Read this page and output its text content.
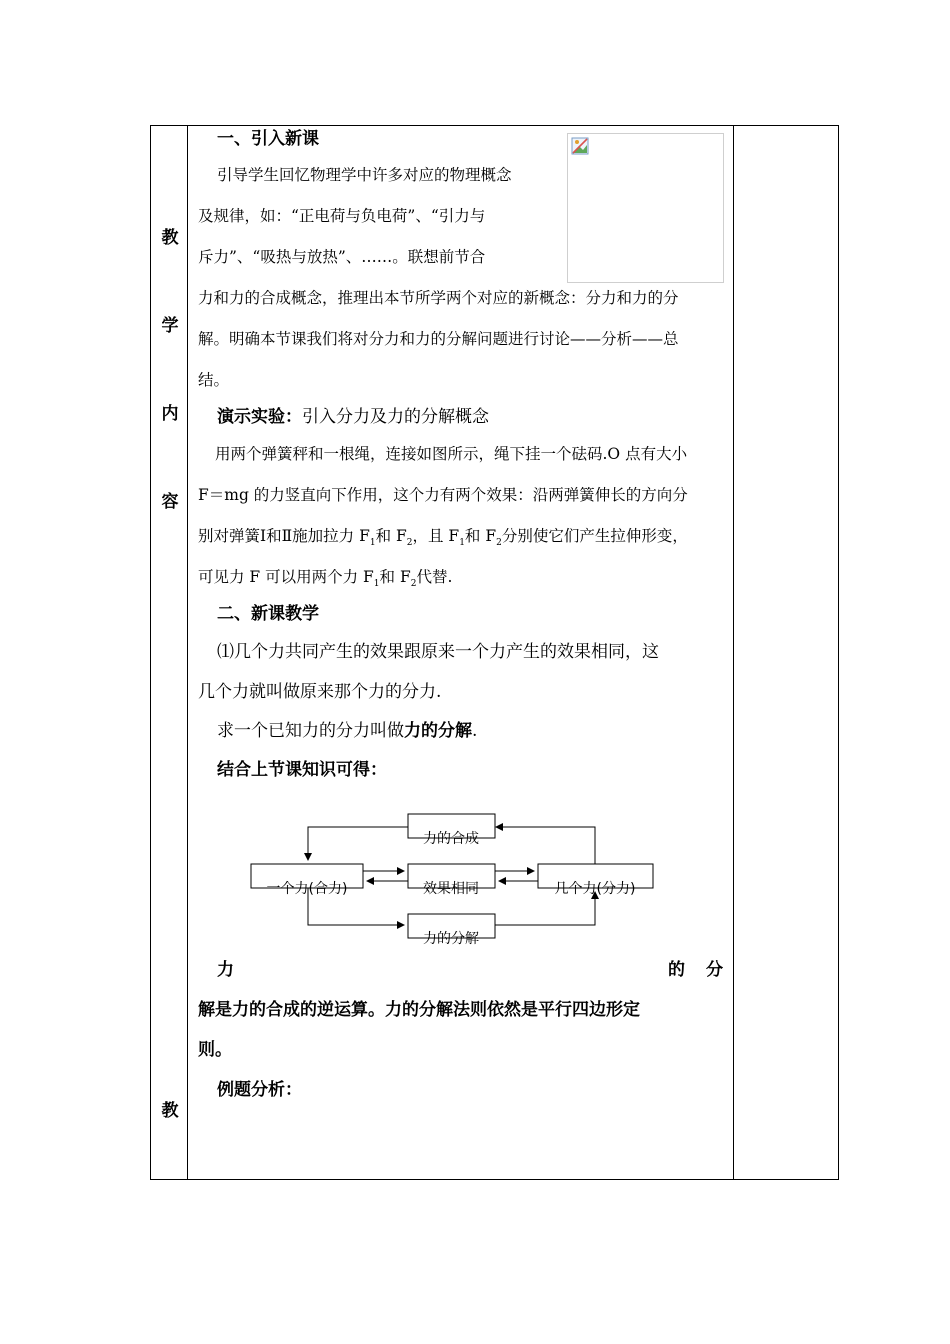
教
学
内
容
教
一、引入新课
引导学生回忆物理学中许多对应的物理概念
及规律，如：“正电荷与负电荷”、“引力与
斥力”、“吸热与放热”、……。联想前节合
力和力的合成概念，推理出本节所学两个对应的新概念：分力和力的分
解。明确本节课我们将对分力和力的分解问题进行讨论——分析——总
结。
演示实验：引入分力及力的分解概念
用两个弹簧秤和一根绳，连接如图所示，绳下挂一个砝码.O 点有大小
F＝mg 的力竖直向下作用，这个力有两个效果：沿两弹簧伸长的方向分
别对弹簧Ⅰ和Ⅱ施加拉力 $F_1$和 $F_2$，且 $F_1$和 $F_2$分别使它们产生拉伸形变，
可见力 F 可以用两个力 $F_1$和 $F_2$代替.
二、新课教学
⑴几个力共同产生的效果跟原来一个力产生的效果相同，这
几个力就叫做原来那个力的分力.
求一个已知力的分力叫做力的分解.
结合上节课知识可得：
力的合成
一个力(合力)	效果相同	几个力(分力)
力的分解
力	的 分
解是力的合成的逆运算。力的分解法则依然是平行四边形定
则。
例题分析：
